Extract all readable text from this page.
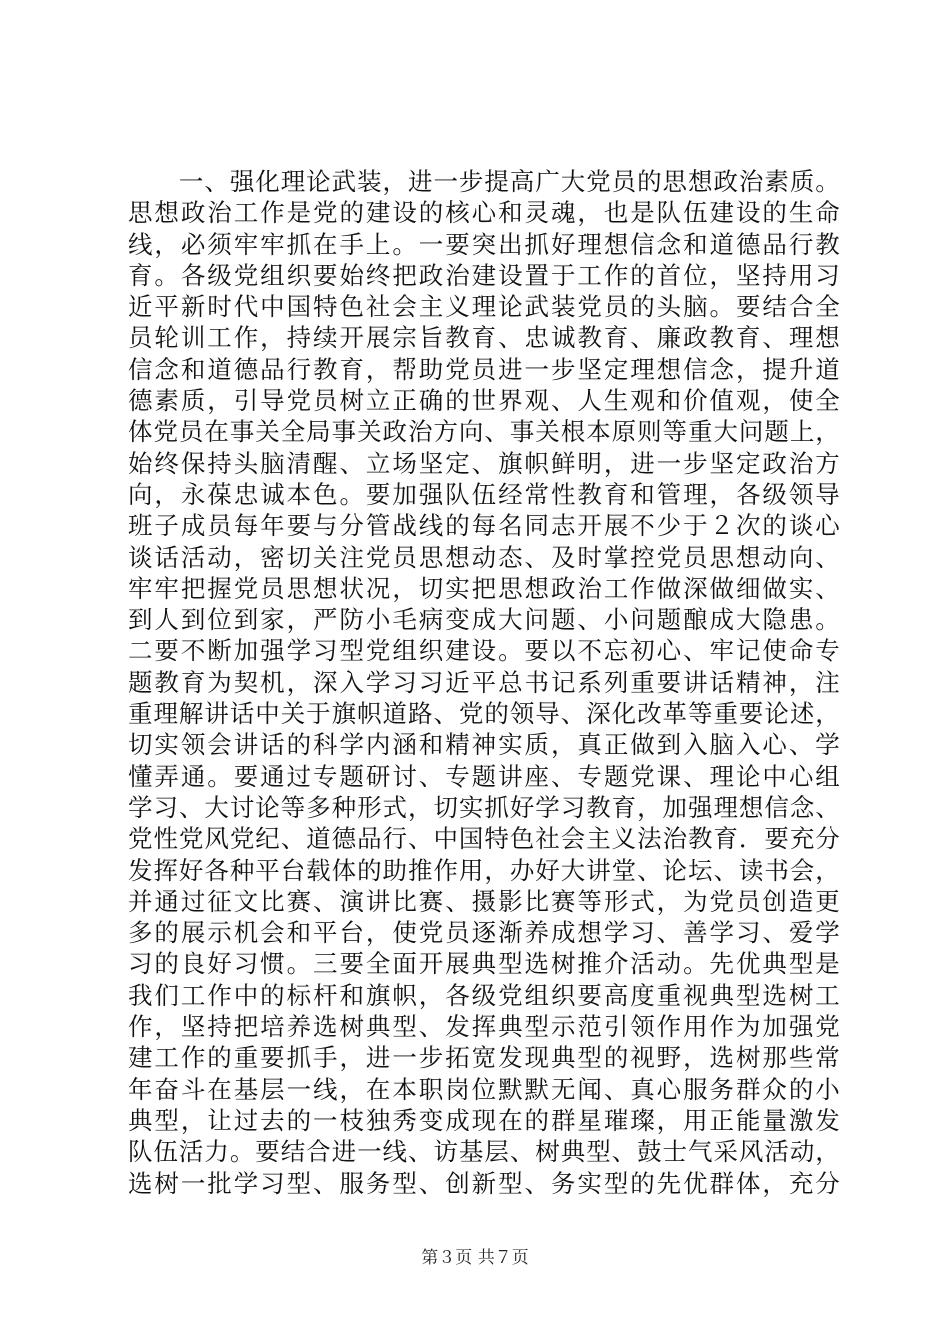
　　一、强化理论武装，进一步提高广大党员的思想政治素质。
思想政治工作是党的建设的核心和灵魂，也是队伍建设的生命
线，必须牢牢抓在手上。一要突出抓好理想信念和道德品行教
育。各级党组织要始终把政治建设置于工作的首位，坚持用习
近平新时代中国特色社会主义理论武装党员的头脑。要结合全
员轮训工作，持续开展宗旨教育、忠诚教育、廉政教育、理想
信念和道德品行教育，帮助党员进一步坚定理想信念，提升道
德素质，引导党员树立正确的世界观、人生观和价值观，使全
体党员在事关全局事关政治方向、事关根本原则等重大问题上，
始终保持头脑清醒、立场坚定、旗帜鲜明，进一步坚定政治方
向，永葆忠诚本色。要加强队伍经常性教育和管理，各级领导
班子成员每年要与分管战线的每名同志开展不少于２次的谈心
谈话活动，密切关注党员思想动态、及时掌控党员思想动向、
牢牢把握党员思想状况，切实把思想政治工作做深做细做实、
到人到位到家，严防小毛病变成大问题、小问题酿成大隐患。
二要不断加强学习型党组织建设。要以不忘初心、牢记使命专
题教育为契机，深入学习习近平总书记系列重要讲话精神，注
重理解讲话中关于旗帜道路、党的领导、深化改革等重要论述，
切实领会讲话的科学内涵和精神实质，真正做到入脑入心、学
懂弄通。要通过专题研讨、专题讲座、专题党课、理论中心组
学习、大讨论等多种形式，切实抓好学习教育，加强理想信念、
党性党风党纪、道德品行、中国特色社会主义法治教育．要充分
发挥好各种平台载体的助推作用，办好大讲堂、论坛、读书会，
并通过征文比赛、演讲比赛、摄影比赛等形式，为党员创造更
多的展示机会和平台，使党员逐渐养成想学习、善学习、爱学
习的良好习惯。三要全面开展典型选树推介活动。先优典型是
我们工作中的标杆和旗帜，各级党组织要高度重视典型选树工
作，坚持把培养选树典型、发挥典型示范引领作用作为加强党
建工作的重要抓手，进一步拓宽发现典型的视野，选树那些常
年奋斗在基层一线，在本职岗位默默无闻、真心服务群众的小
典型，让过去的一枝独秀变成现在的群星璀璨，用正能量激发
队伍活力。要结合进一线、访基层、树典型、鼓士气采风活动，
选树一批学习型、服务型、创新型、务实型的先优群体，充分
第３页 共７页
